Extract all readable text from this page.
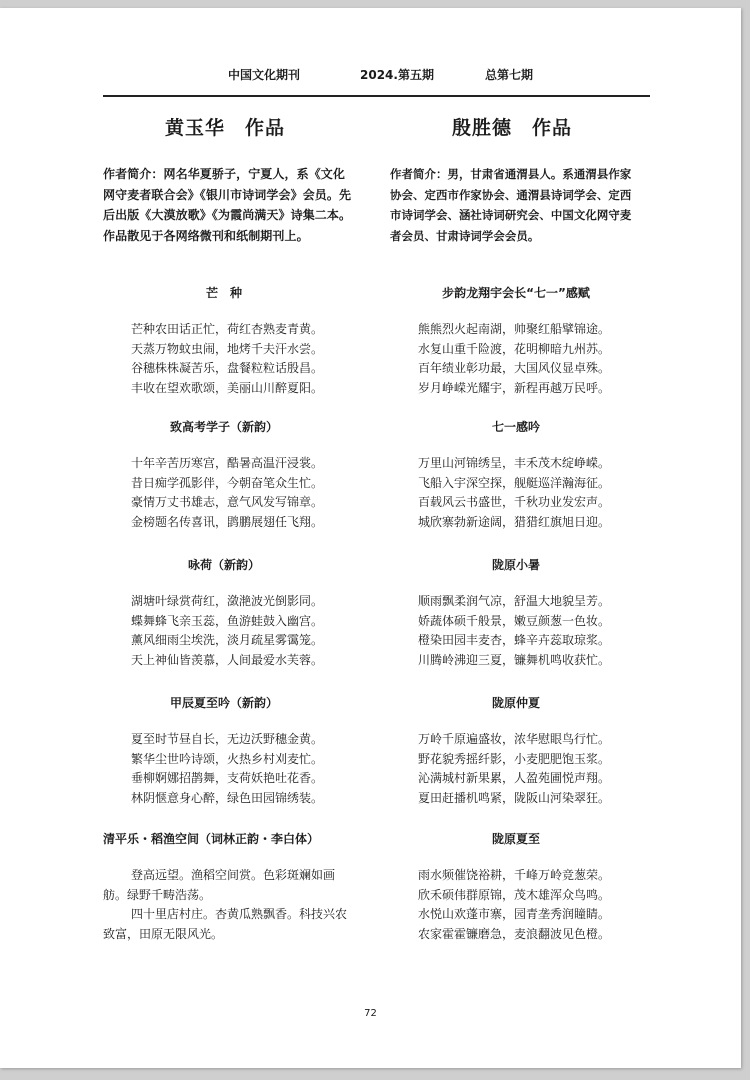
中国文化期刊	2024.第五期	总第七期
黄玉华　作品
作者简介：网名华夏骄子，宁夏人，系《文化网守麦者联合会》《银川市诗词学会》会员。先后出版《大漠放歌》《为霞尚满天》诗集二本。作品散见于各网络微刊和纸制期刊上。
芒　种
芒种农田话正忙，荷红杏熟麦青黄。
天蒸万物蚊虫闹，地烤千夫汗水尝。
谷穗株株凝苦乐，盘餐粒粒话殷昌。
丰收在望欢歌颂，美丽山川醉夏阳。
致高考学子（新韵）
十年辛苦历寒宫，酷暑高温汗浸裳。
昔日痴学孤影伴，今朝奋笔众生忙。
豪情万丈书雄志，意气风发写锦章。
金榜题名传喜讯，鹍鹏展翅任飞翔。
咏荷（新韵）
湖塘叶绿赏荷红，潋滟波光倒影同。
蝶舞蜂飞亲玉蕊，鱼游蛙鼓入幽宫。
薰风细雨尘埃洗，淡月疏星雾霭笼。
天上神仙皆羡慕，人间最爱水芙蓉。
甲辰夏至吟（新韵）
夏至时节昼自长，无边沃野穗金黄。
繁华尘世吟诗颂，火热乡村刈麦忙。
垂柳婀娜招鹊舞，支荷妖艳吐花香。
林阴惬意身心醉，绿色田园锦绣装。
清平乐・稻渔空间（词林正韵・李白体）

登高远望。渔稻空间赏。色彩斑斓如画舫。绿野千畴浩荡。

四十里店村庄。杏黄瓜熟飘香。科技兴农致富，田原无限风光。

殷胜德　作品
作者简介：男，甘肃省通渭县人。系通渭县作家协会、定西市作家协会、通渭县诗词学会、定西市诗词学会、涵社诗词研究会、中国文化网守麦者会员、甘肃诗词学会会员。
步韵龙翔宇会长“七一”感赋
熊熊烈火起南湖，帅聚红船擘锦途。
水复山重千险渡，花明柳暗九州苏。
百年绩业彰功最，大国风仪显卓殊。
岁月峥嵘光耀宇，新程再越万民呼。
七一感吟
万里山河锦绣呈，丰禾茂木绽峥嵘。
飞船入宇深空探，舰艇巡洋瀚海征。
百载风云书盛世，千秋功业发宏声。
城欣寨勃新途阔，猎猎红旗旭日迎。
陇原小暑
顺雨飘柔润气凉，舒温大地貌呈芳。
娇蔬体硕千般景，嫩豆颜葱一色妆。
橙染田园丰麦杏，蜂辛卉蕊取琼浆。
川腾岭沸迎三夏，镰舞机鸣收获忙。
陇原仲夏
万岭千原遍盛妆，浓华慰眼鸟行忙。
野花貌秀摇纤影，小麦肥肥饱玉浆。
沁满城村新果累，人盈苑圃悦声翔。
夏田赶播机鸣紧，陇阪山河染翠狂。
陇原夏至
雨水频催饶裕耕，千峰万岭竞葱荣。
欣禾硕伟群原锦，茂木雄浑众鸟鸣。
水悦山欢蓬市寨，园青垄秀润瞳睛。
农家霍霍镰磨急，麦浪翻波见色橙。
72
